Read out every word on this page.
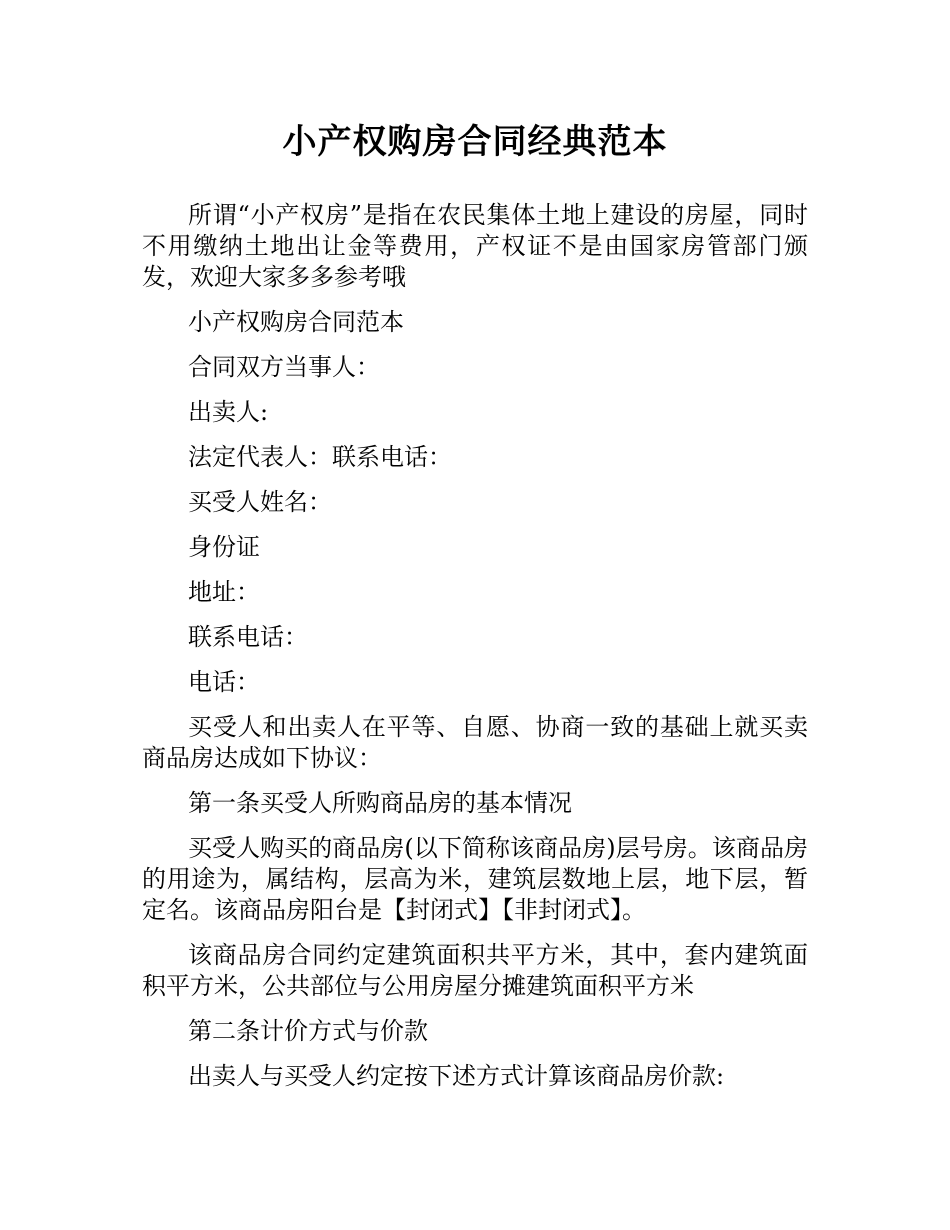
小产权购房合同经典范本

所谓“小产权房”是指在农民集体土地上建设的房屋，同时不用缴纳土地出让金等费用，产权证不是由国家房管部门颁发，欢迎大家多多参考哦

小产权购房合同范本

合同双方当事人：

出卖人:

法定代表人：联系电话：

买受人姓名：

身份证

地址：

联系电话：

电话：

买受人和出卖人在平等、自愿、协商一致的基础上就买卖商品房达成如下协议：

第一条买受人所购商品房的基本情况

买受人购买的商品房(以下简称该商品房)层号房。该商品房的用途为，属结构，层高为米，建筑层数地上层，地下层，暂定名。该商品房阳台是【封闭式】【非封闭式】。

该商品房合同约定建筑面积共平方米，其中，套内建筑面积平方米，公共部位与公用房屋分摊建筑面积平方米

第二条计价方式与价款

出卖人与买受人约定按下述方式计算该商品房价款:
